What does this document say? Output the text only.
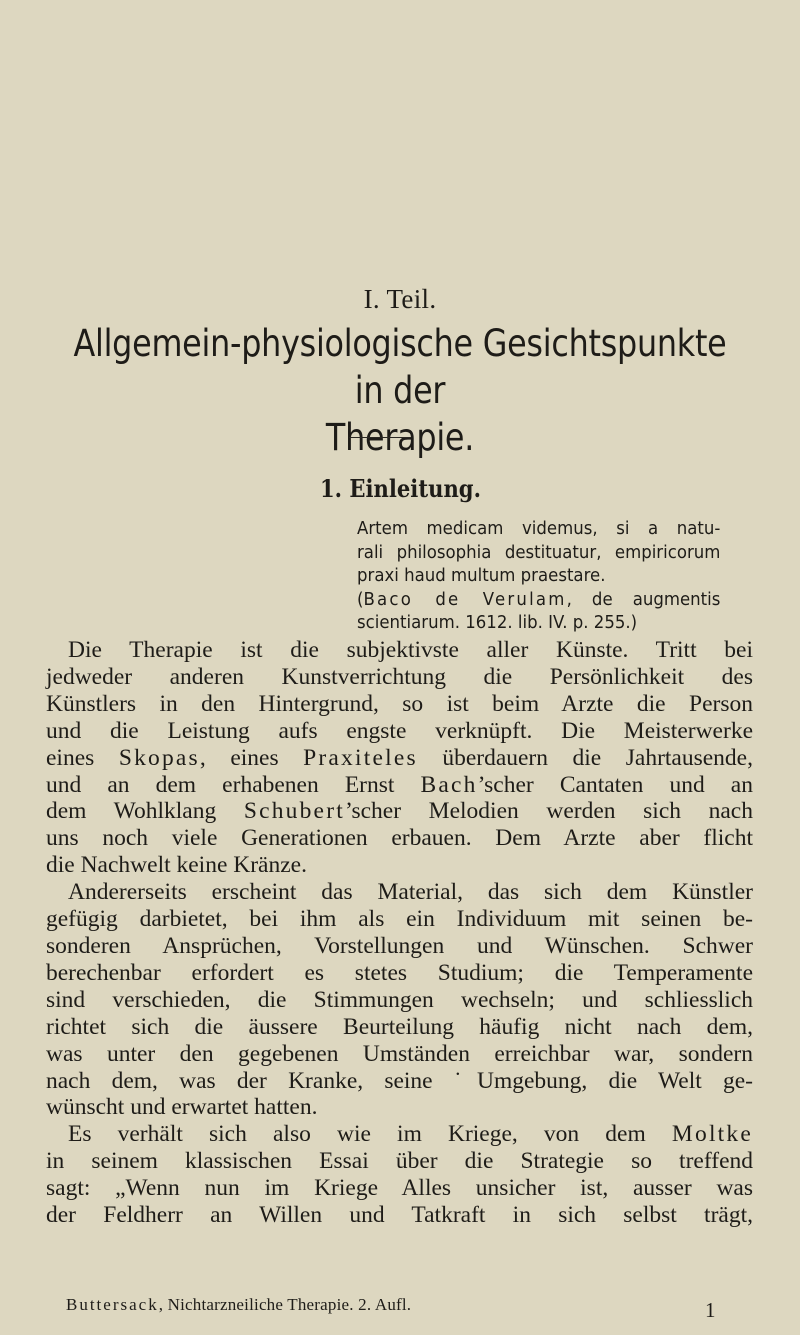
I. Teil.
Allgemein-physiologische Gesichtspunkte in der
Therapie.
1. Einleitung.
Artem medicam videmus, si a natu-
rali philosophia destituatur, empiricorum
praxi haud multum praestare.
(Baco de Verulam, de augmentis
scientiarum. 1612. lib. IV. p. 255.)
Die Therapie ist die subjektivste aller Künste. Tritt bei
jedweder anderen Kunstverrichtung die Persönlichkeit des
Künstlers in den Hintergrund, so ist beim Arzte die Person
und die Leistung aufs engste verknüpft. Die Meisterwerke
eines Skopas, eines Praxiteles überdauern die Jahrtausende,
und an dem erhabenen Ernst Bach’scher Cantaten und an
dem Wohlklang Schubert’scher Melodien werden sich nach
uns noch viele Generationen erbauen. Dem Arzte aber flicht
die Nachwelt keine Kränze.
Andererseits erscheint das Material, das sich dem Künstler
gefügig darbietet, bei ihm als ein Individuum mit seinen be-
sonderen Ansprüchen, Vorstellungen und Wünschen. Schwer
berechenbar erfordert es stetes Studium; die Temperamente
sind verschieden, die Stimmungen wechseln; und schliesslich
richtet sich die äussere Beurteilung häufig nicht nach dem,
was unter den gegebenen Umständen erreichbar war, sondern
nach dem, was der Kranke, seine ˙Umgebung, die Welt ge-
wünscht und erwartet hatten.
Es verhält sich also wie im Kriege, von dem Moltke
in seinem klassischen Essai über die Strategie so treffend
sagt: „Wenn nun im Kriege Alles unsicher ist, ausser was
der Feldherr an Willen und Tatkraft in sich selbst trägt,
Buttersack, Nichtarzneiliche Therapie. 2. Aufl.	1
